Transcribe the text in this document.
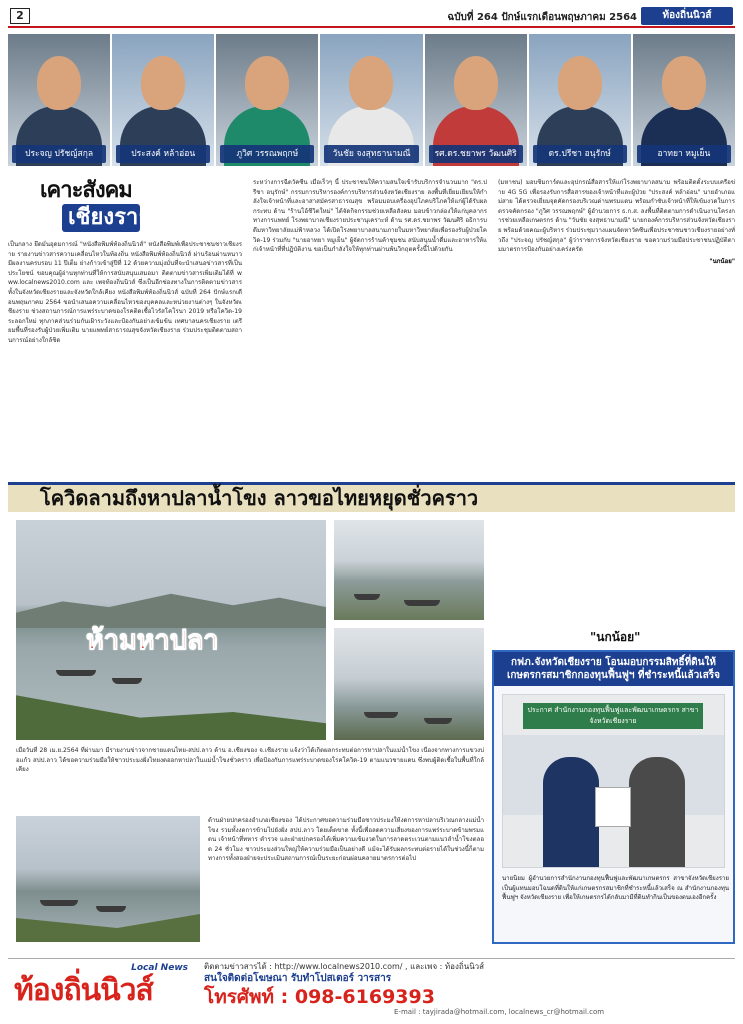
2	ฉบับที่ 264 ปักษ์แรกเดือนพฤษภาคม 2564	ท้องถิ่นนิวส์
ประจญ ปรัชญ์สกุล	ประสงค์ หล้าอ่อน	ภูวิศ วรรณพฤกษ์	วันชัย จงสุทธานามณี	รศ.ดร.ชยาพร วัฒนศิริ	ดร.ปรีชา อนุรักษ์	อาทยา หมูเย็น
เคาะสังคม
เชียงราย
เป็นกลาง ยึดมั่นอุดมการณ์ "หนังสือพิมพ์ท้องถิ่นนิวส์" หนังสือพิมพ์เพื่อประชาชนชาวเชียงราย รายงานข่าวสารความเคลื่อนไหวในท้องถิ่น หนังสือพิมพ์ท้องถิ่นนิวส์ ผ่านร้อนผ่านหนาว มีผลงานครบรอบ 11 ปีเต็ม ย่างก้าวเข้าสู่ปีที่ 12 ด้วยความมุ่งมั่นที่จะนำเสนอข่าวสารที่เป็นประโยชน์ ขอบคุณผู้อ่านทุกท่านที่ให้การสนับสนุนเสมอมา ติดตามข่าวสารเพิ่มเติมได้ที่ www.localnews2010.com และ เพจท้องถิ่นนิวส์ ซึ่งเป็นอีกช่องทางในการติดตามข่าวสารทั้งในจังหวัดเชียงรายและจังหวัดใกล้เคียง หนังสือพิมพ์ท้องถิ่นนิวส์ ฉบับที่ 264 ปักษ์แรกเดือนพฤษภาคม 2564 ขอนำเสนอความเคลื่อนไหวของบุคคลและหน่วยงานต่างๆ ในจังหวัดเชียงราย ช่วงสถานการณ์การแพร่ระบาดของโรคติดเชื้อไวรัสโคโรนา 2019 หรือโควิด-19 ระลอกใหม่ ทุกภาคส่วนร่วมกันเฝ้าระวังและป้องกันอย่างเข้มข้น เทศบาลนครเชียงราย เตรียมพื้นที่รองรับผู้ป่วยเพิ่มเติม นายแพทย์สาธารณสุขจังหวัดเชียงราย ร่วมประชุมติดตามสถานการณ์อย่างใกล้ชิด
ระหว่างการฉีดวัคซีน เมื่อเร็วๆ นี้ ประชาชนให้ความสนใจเข้ารับบริการจำนวนมาก "ดร.ปรีชา อนุรักษ์" กรรมการบริหารองค์การบริหารส่วนจังหวัดเชียงราย ลงพื้นที่เยี่ยมเยียนให้กำลังใจเจ้าหน้าที่และอาสาสมัครสาธารณสุข พร้อมมอบเครื่องอุปโภคบริโภคให้แก่ผู้ได้รับผลกระทบ ด้าน "ร้านโอ้ชีวิตใหม่" ได้จัดกิจกรรมช่วยเหลือสังคม มอบข้าวกล่องให้แก่บุคลากรทางการแพทย์ โรงพยาบาลเชียงรายประชานุเคราะห์ ด้าน รศ.ดร.ชยาพร วัฒนศิริ อธิการบดีมหาวิทยาลัยแม่ฟ้าหลวง ได้เปิดโรงพยาบาลสนามภายในมหาวิทยาลัยเพื่อรองรับผู้ป่วยโควิด-19 ร่วมกับ "นายอาทยา หมูเย็น" ผู้จัดการร้านค้าชุมชน สนับสนุนน้ำดื่มและอาหารให้แก่เจ้าหน้าที่ที่ปฏิบัติงาน ขอเป็นกำลังใจให้ทุกท่านผ่านพ้นวิกฤตครั้งนี้ไปด้วยกัน
(มหาชน) มอบซิมการ์ดและอุปกรณ์สื่อสารให้แก่โรงพยาบาลสนาม พร้อมติดตั้งระบบเครือข่าย 4G 5G เพื่อรองรับการสื่อสารของเจ้าหน้าที่และผู้ป่วย "ประสงค์ หล้าอ่อน" นายอำเภอแม่สาย ได้ตรวจเยี่ยมจุดคัดกรองบริเวณด่านพรมแดน พร้อมกำชับเจ้าหน้าที่ให้เข้มงวดในการตรวจคัดกรอง "ภูวิศ วรรณพฤกษ์" ผู้อำนวยการ ธ.ก.ส. ลงพื้นที่ติดตามการดำเนินงานโครงการช่วยเหลือเกษตรกร ด้าน "วันชัย จงสุทธานามณี" นายกองค์การบริหารส่วนจังหวัดเชียงราย พร้อมด้วยคณะผู้บริหาร ร่วมประชุมวางแผนจัดหาวัคซีนเพื่อประชาชนชาวเชียงรายอย่างทั่วถึง "ประจญ ปรัชญ์สกุล" ผู้ว่าราชการจังหวัดเชียงราย ขอความร่วมมือประชาชนปฏิบัติตามมาตรการป้องกันอย่างเคร่งครัด
"นกน้อย"
โควิดลามถึงหาปลาน้ำโขง ลาวขอไทยหยุดชั่วคราว
ห้ามหาปลา
เมื่อวันที่ 28 เม.ย.2564 ที่ผ่านมา มีรายงานข่าวจากชายแดนไทย-สปป.ลาว ด้าน อ.เชียงของ จ.เชียงราย แจ้งว่าได้เกิดผลกระทบต่อการหาปลาในแม่น้ำโขง เนื่องจากทางการแขวงบ่อแก้ว สปป.ลาว ได้ขอความร่วมมือให้ชาวประมงฝั่งไทยงดออกหาปลาในแม่น้ำโขงชั่วคราว เพื่อป้องกันการแพร่ระบาดของโรคโควิด-19 ตามแนวชายแดน ซึ่งพบผู้ติดเชื้อในพื้นที่ใกล้เคียง
ด้านฝ่ายปกครองอำเภอเชียงของ ได้ประกาศขอความร่วมมือชาวประมงให้งดการหาปลาบริเวณกลางแม่น้ำโขง รวมทั้งงดการข้ามไปยังฝั่ง สปป.ลาว โดยเด็ดขาด ทั้งนี้เพื่อลดความเสี่ยงของการแพร่ระบาดข้ามพรมแดน เจ้าหน้าที่ทหาร ตำรวจ และฝ่ายปกครองได้เพิ่มความเข้มงวดในการลาดตระเวนตามแนวลำน้ำโขงตลอด 24 ชั่วโมง ชาวประมงส่วนใหญ่ให้ความร่วมมือเป็นอย่างดี แม้จะได้รับผลกระทบต่อรายได้ในช่วงนี้ก็ตาม ทางการทั้งสองฝ่ายจะประเมินสถานการณ์เป็นระยะก่อนผ่อนคลายมาตรการต่อไป
"นกน้อย"
กฟภ.จังหวัดเชียงราย โอนมอบกรรมสิทธิ์ที่ดินให้เกษตรกรสมาชิกกองทุนฟื้นฟูฯ ที่ชำระหนี้แล้วเสร็จ
ประกาศ สำนักงานกองทุนฟื้นฟูและพัฒนาเกษตรกร สาขาจังหวัดเชียงราย
นายนิยม ผู้อำนวยการสำนักงานกองทุนฟื้นฟูและพัฒนาเกษตรกร สาขาจังหวัดเชียงราย เป็นผู้แทนมอบโฉนดที่ดินให้แก่เกษตรกรสมาชิกที่ชำระหนี้แล้วเสร็จ ณ สำนักงานกองทุนฟื้นฟูฯ จังหวัดเชียงราย เพื่อให้เกษตรกรได้กลับมามีที่ดินทำกินเป็นของตนเองอีกครั้ง
ท้องถิ่นนิวส์
Local News ติดตามข่าวสารได้ : http://www.localnews2010.com/ , และเพจ : ท้องถิ่นนิวส์
สนใจติดต่อโฆษณา รับทำโปสเตอร์ วารสาร
โทรศัพท์ : 098-6169393
E-mail : tayjirada@hotmail.com, localnews_cr@hotmail.com
